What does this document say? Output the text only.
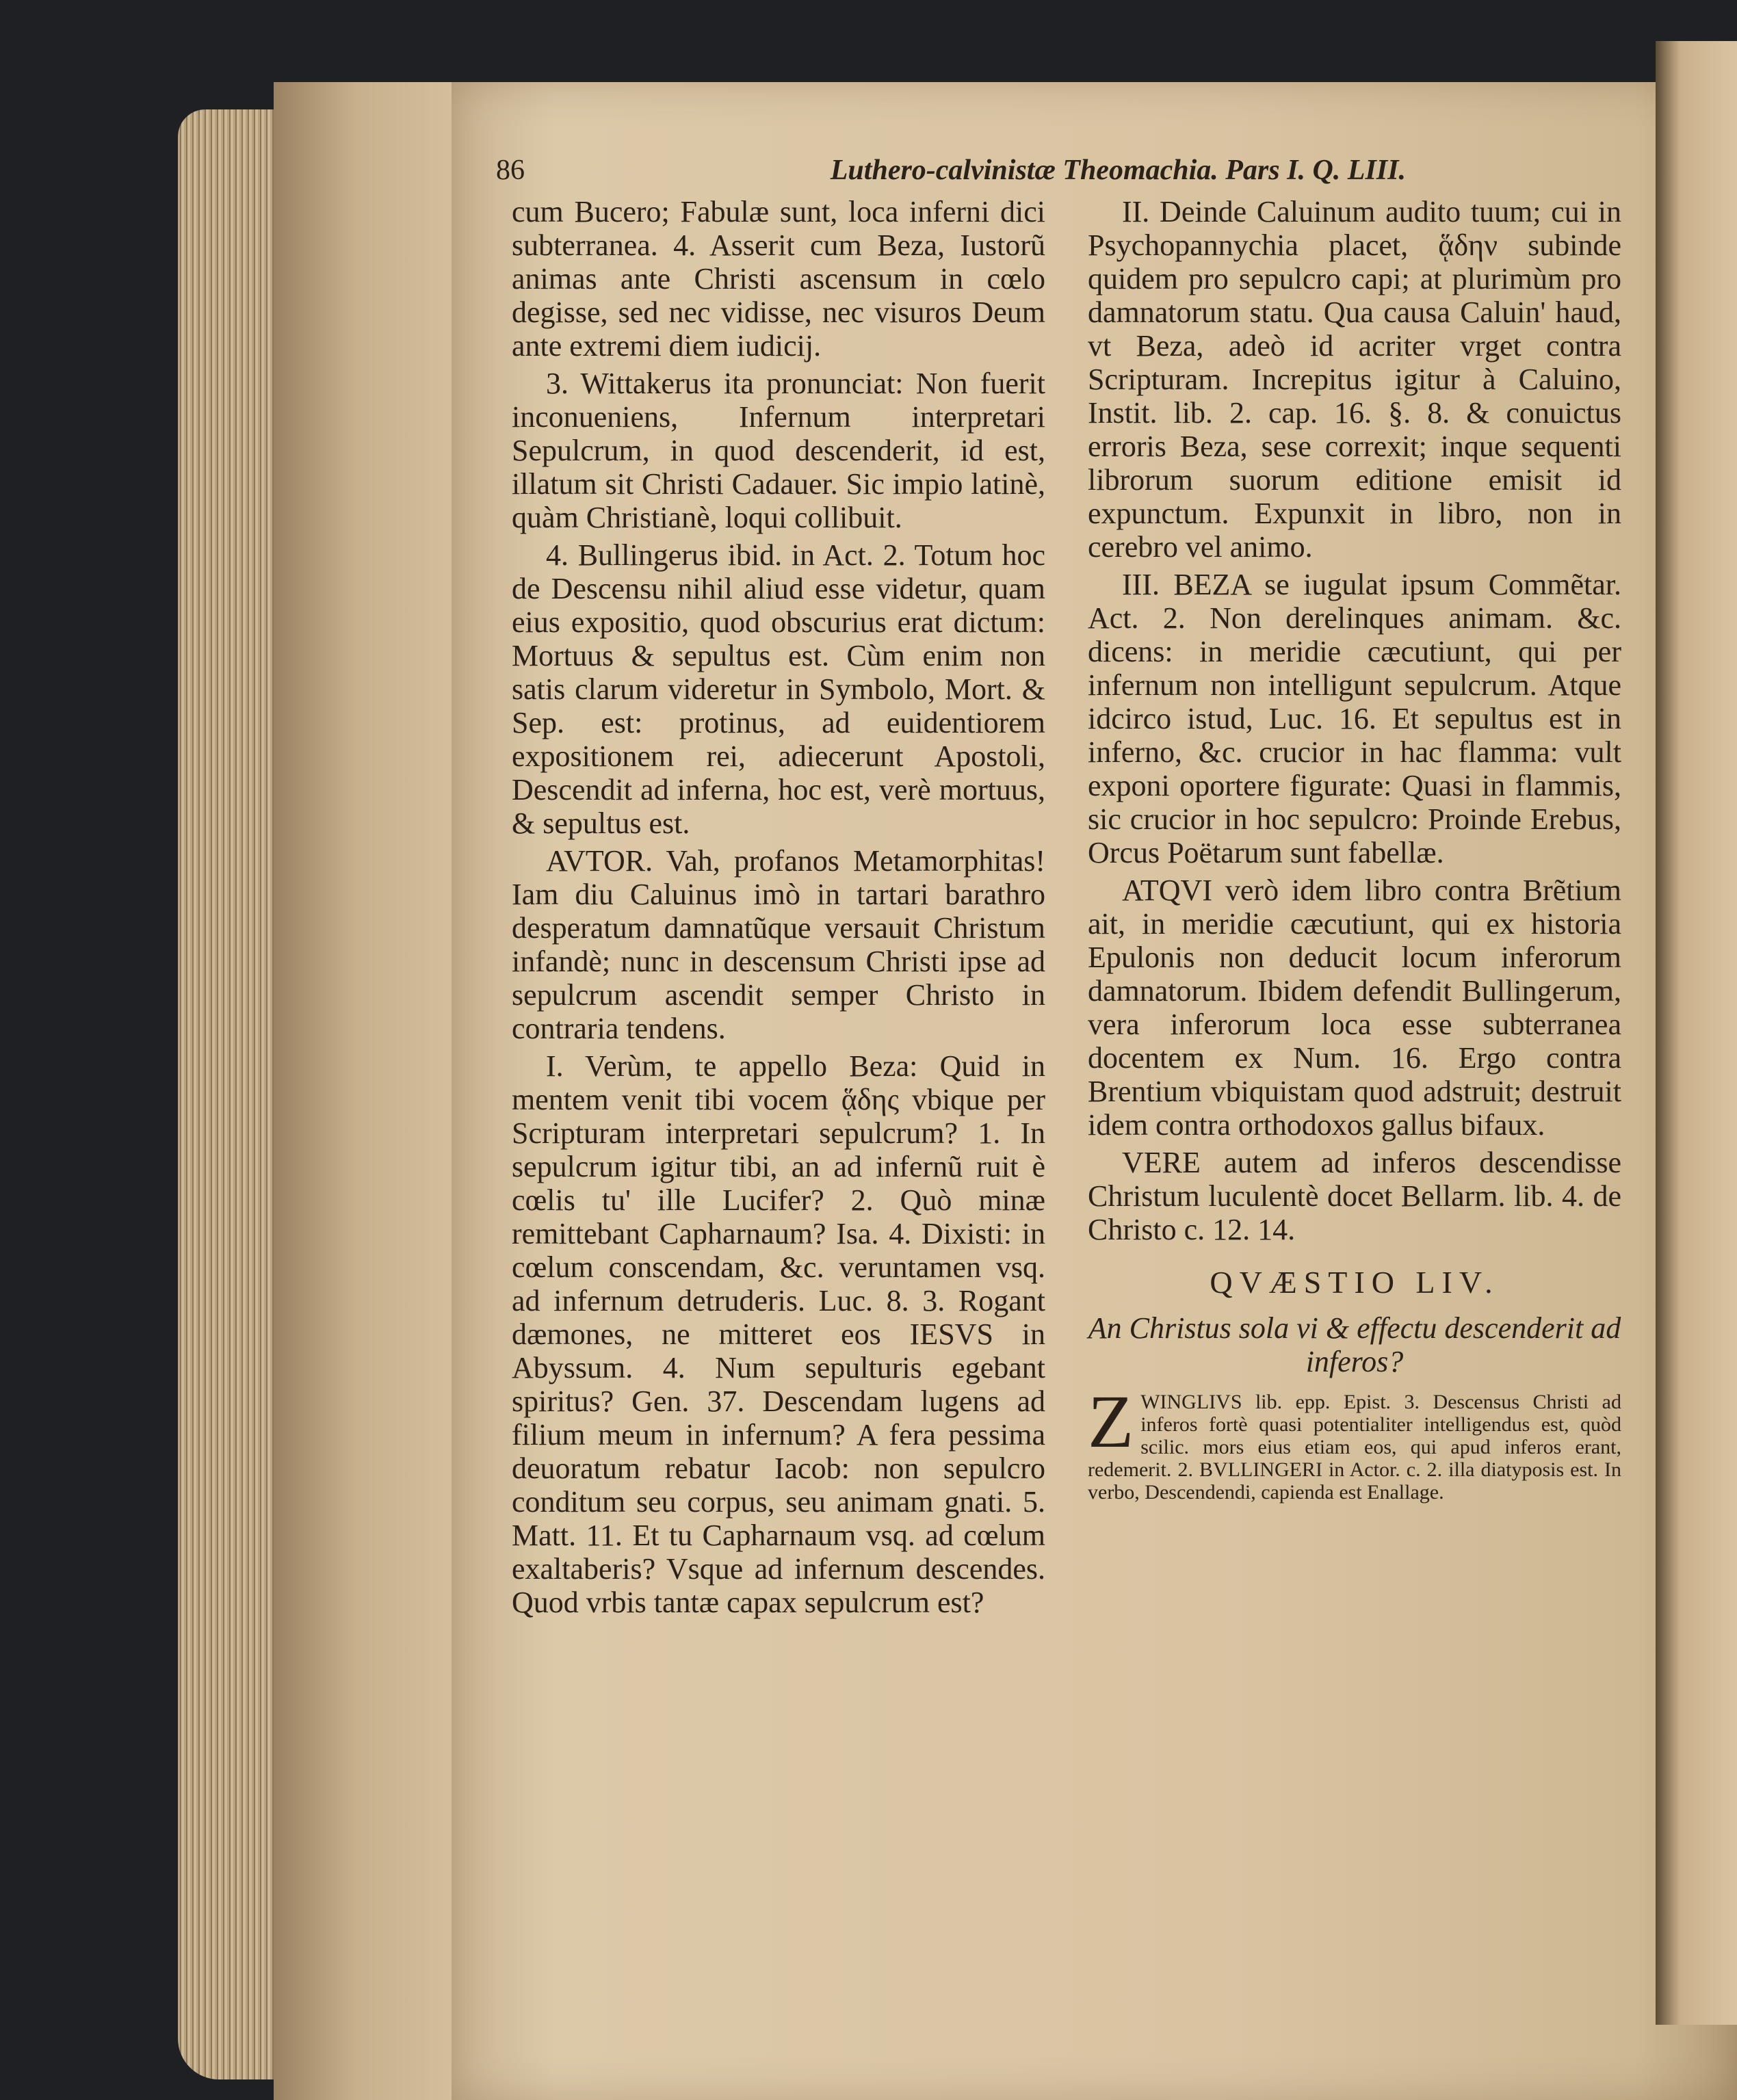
86	Luthero-calvinistæ Theomachia. Pars I. Q. LIII.

cum Bucero; Fabulæ sunt, loca inferni dici subterranea. 4. Asserit cum Beza, Iustorũ animas ante Christi ascensum in cœlo degisse, sed nec vidisse, nec visuros Deum ante extremi diem iudicij.

3. Wittakerus ita pronunciat: Non fuerit inconueniens, Infernum interpretari Sepulcrum, in quod descenderit, id est, illatum sit Christi Cadauer. Sic impio latinè, quàm Christianè, loqui collibuit.

4. Bullingerus ibid. in Act. 2. Totum hoc de Descensu nihil aliud esse videtur, quam eius expositio, quod obscurius erat dictum: Mortuus & sepultus est. Cùm enim non satis clarum videretur in Symbolo, Mort. & Sep. est: protinus, ad euidentiorem expositionem rei, adiecerunt Apostoli, Descendit ad inferna, hoc est, verè mortuus, & sepultus est.

AVTOR. Vah, profanos Metamorphitas! Iam diu Caluinus imò in tartari barathro desperatum damnatũque versauit Christum infandè; nunc in descensum Christi ipse ad sepulcrum ascendit semper Christo in contraria tendens.

I. Verùm, te appello Beza: Quid in mentem venit tibi vocem ᾅδης vbique per Scripturam interpretari sepulcrum? 1. In sepulcrum igitur tibi, an ad infernũ ruit è cœlis tu' ille Lucifer? 2. Quò minæ remittebant Capharnaum? Isa. 4. Dixisti: in cœlum conscendam, &c. veruntamen vsq. ad infernum detruderis. Luc. 8. 3. Rogant dæmones, ne mitteret eos IESVS in Abyssum. 4. Num sepulturis egebant spiritus? Gen. 37. Descendam lugens ad filium meum in infernum? A fera pessima deuoratum rebatur Iacob: non sepulcro conditum seu corpus, seu animam gnati. 5. Matt. 11. Et tu Capharnaum vsq. ad cœlum exaltaberis? Vsque ad infernum descendes. Quod vrbis tantæ capax sepulcrum est?

II. Deinde Caluinum audito tuum; cui in Psychopannychia placet, ᾅδην subinde quidem pro sepulcro capi; at plurimùm pro damnatorum statu. Qua causa Caluin' haud, vt Beza, adeò id acriter vrget contra Scripturam. Increpitus igitur à Caluino, Instit. lib. 2. cap. 16. §. 8. & conuictus erroris Beza, sese correxit; inque sequenti librorum suorum editione emisit id expunctum. Expunxit in libro, non in cerebro vel animo.

III. BEZA se iugulat ipsum Commẽtar. Act. 2. Non derelinques animam. &c. dicens: in meridie cæcutiunt, qui per infernum non intelligunt sepulcrum. Atque idcirco istud, Luc. 16. Et sepultus est in inferno, &c. crucior in hac flamma: vult exponi oportere figurate: Quasi in flammis, sic crucior in hoc sepulcro: Proinde Erebus, Orcus Poëtarum sunt fabellæ.

ATQVI verò idem libro contra Brẽtium ait, in meridie cæcutiunt, qui ex historia Epulonis non deducit locum inferorum damnatorum. Ibidem defendit Bullingerum, vera inferorum loca esse subterranea docentem ex Num. 16. Ergo contra Brentium vbiquistam quod adstruit; destruit idem contra orthodoxos gallus bifaux.

VERE autem ad inferos descendisse Christum luculentè docet Bellarm. lib. 4. de Christo c. 12. 14.

QVÆSTIO LIV.
An Christus sola vi & effectu descenderit ad inferos?
Z WINGLIVS lib. epp. Epist. 3. Descensus Christi ad inferos fortè quasi potentialiter intelligendus est, quòd scilic. mors eius etiam eos, qui apud inferos erant, redemerit. 2. BVLLINGERI in Actor. c. 2. illa diatyposis est. In verbo, Descendendi, capienda est Enallage.
